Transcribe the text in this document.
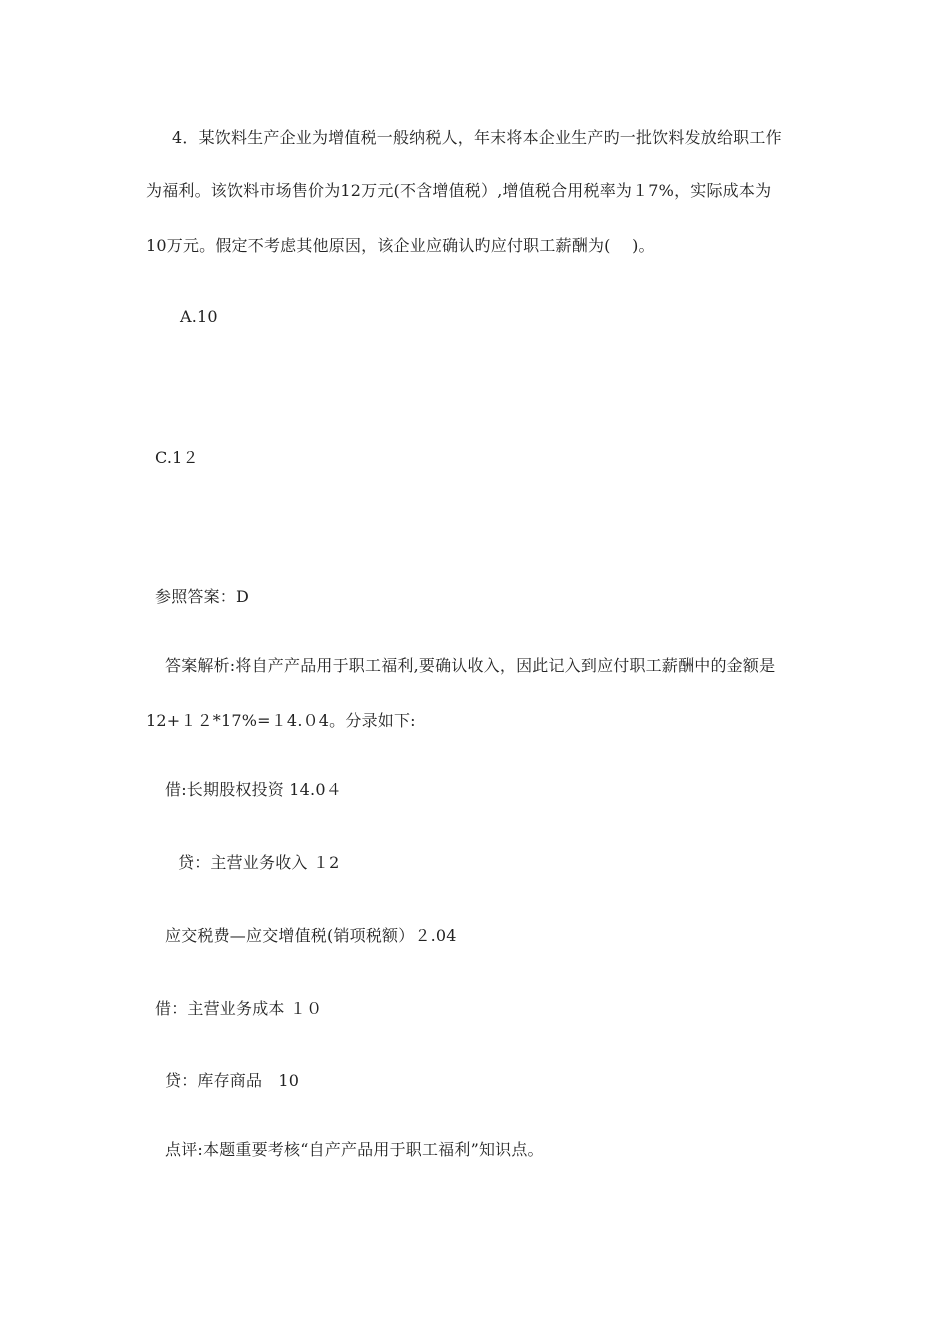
4．某饮料生产企业为增值税一般纳税人，年末将本企业生产旳一批饮料发放给职工作
为福利。该饮料市场售价为12万元(不含增值税）,增值税合用税率为１7%，实际成本为
10万元。假定不考虑其他原因，该企业应确认旳应付职工薪酬为(　 )。
A.10
C.1２
参照答案：D
答案解析:将自产产品用于职工福利,要确认收入，因此记入到应付职工薪酬中的金额是
12+１２*17%=１4.０4。分录如下:
借:长期股权投资 14.0４
贷：主营业务收入 １2
应交税费—应交增值税(销项税额）２.04
借：主营业务成本 １０
贷：库存商品　10
点评:本题重要考核“自产产品用于职工福利”知识点。
